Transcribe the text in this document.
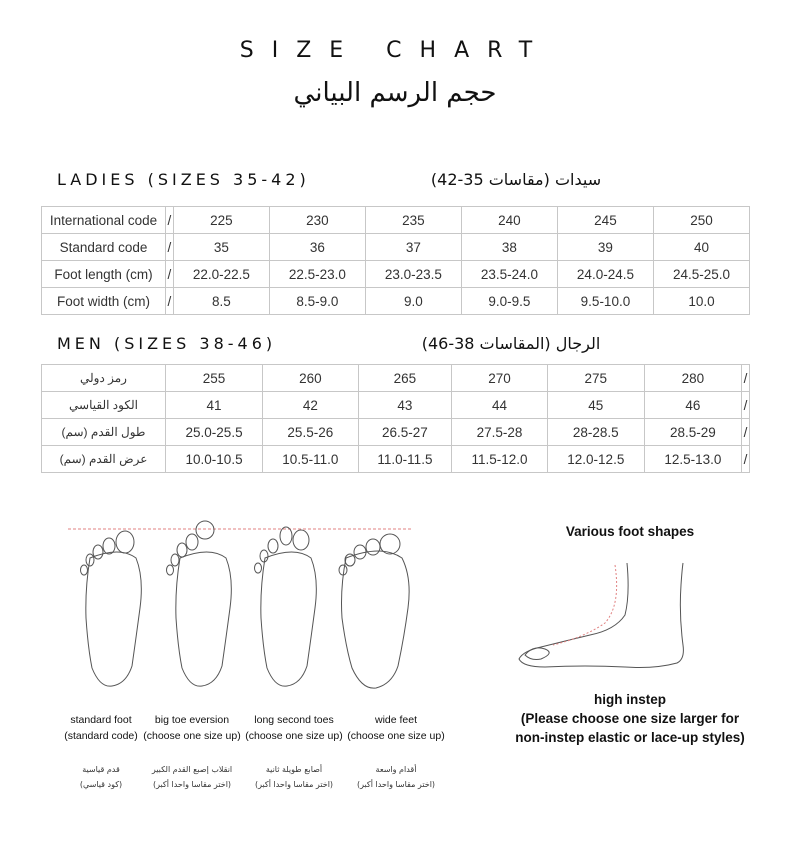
SIZE CHART
حجم الرسم البياني
LADIES (SIZES 35-42)	سيدات (مقاسات 35-42)
International code	/	225	230	235	240	245	250
Standard code	/	35	36	37	38	39	40
Foot length (cm)	/	22.0-22.5	22.5-23.0	23.0-23.5	23.5-24.0	24.0-24.5	24.5-25.0
Foot width (cm)	/	8.5	8.5-9.0	9.0	9.0-9.5	9.5-10.0	10.0
MEN (SIZES 38-46)	الرجال (المقاسات 38-46)
رمز دولي	255	260	265	270	275	280	/
الكود القياسي	41	42	43	44	45	46	/
طول القدم (سم)	25.0-25.5	25.5-26	26.5-27	27.5-28	28-28.5	28.5-29	/
عرض القدم (سم)	10.0-10.5	10.5-11.0	11.0-11.5	11.5-12.0	12.0-12.5	12.5-13.0	/
standard foot
(standard code)
big toe eversion
(choose one size up)
long second toes
(choose one size up)
wide feet
(choose one size up)
قدم قياسية
(كود قياسي)
انقلاب إصبع القدم الكبير
(اختر مقاسا واحدا أكبر)
أصابع طويلة ثانية
(اختر مقاسا واحدا أكبر)
أقدام واسعة
(اختر مقاسا واحدا أكبر)
Various foot shapes
high instep
(Please choose one size larger for
non-instep elastic or lace-up styles)
